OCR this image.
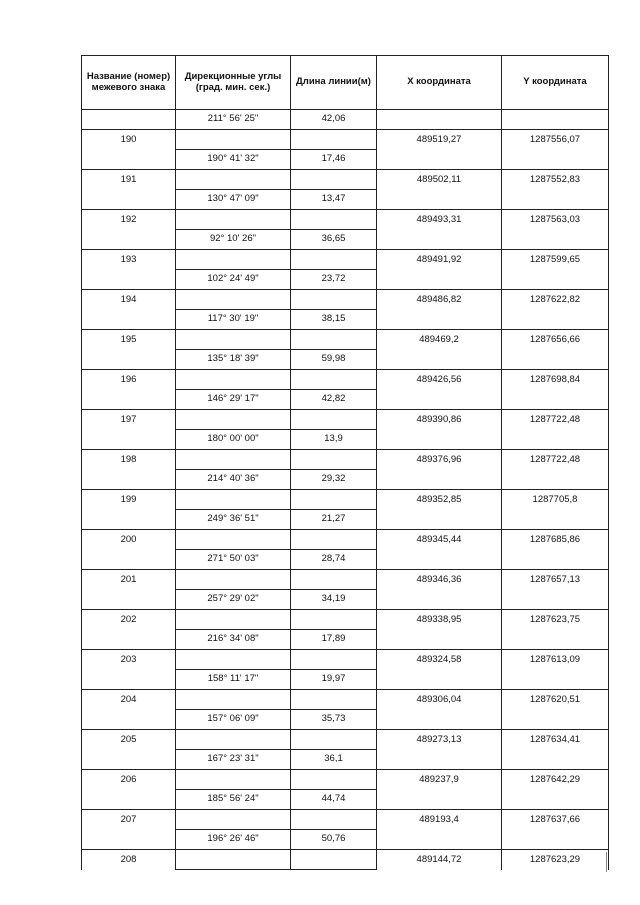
Название (номер) межевого знака	Дирекционные углы (град. мин. сек.)	Длина линии(м)	X координата	Y координата
	211° 56' 25"	42,06		
190			489519,27	1287556,07
	190° 41' 32"	17,46		
191			489502,11	1287552,83
	130° 47' 09"	13,47		
192			489493,31	1287563,03
	92° 10' 26"	36,65		
193			489491,92	1287599,65
	102° 24' 49"	23,72		
194			489486,82	1287622,82
	117° 30' 19"	38,15		
195			489469,2	1287656,66
	135° 18' 39"	59,98		
196			489426,56	1287698,84
	146° 29' 17"	42,82		
197			489390,86	1287722,48
	180° 00' 00"	13,9		
198			489376,96	1287722,48
	214° 40' 36"	29,32		
199			489352,85	1287705,8
	249° 36' 51"	21,27		
200			489345,44	1287685,86
	271° 50' 03"	28,74		
201			489346,36	1287657,13
	257° 29' 02"	34,19		
202			489338,95	1287623,75
	216° 34' 08"	17,89		
203			489324,58	1287613,09
	158° 11' 17"	19,97		
204			489306,04	1287620,51
	157° 06' 09"	35,73		
205			489273,13	1287634,41
	167° 23' 31"	36,1		
206			489237,9	1287642,29
	185° 56' 24"	44,74		
207			489193,4	1287637,66
	196° 26' 46"	50,76		
208			489144,72	1287623,29
